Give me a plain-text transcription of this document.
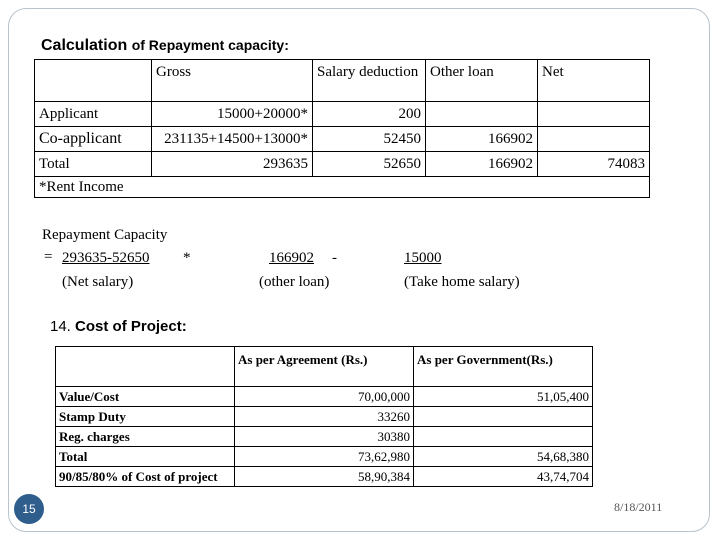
Calculation of Repayment capacity:
	Gross	Salary deduction	Other loan	Net
Applicant	15000+20000*	200		
Co-applicant	231135+14500+13000*	52450	166902	
Total	293635	52650	166902	74083
*Rent Income				
Repayment Capacity
= 293635-52650 *	166902 -	15000
(Net salary)	(other loan)	(Take home salary)
14. Cost of Project:
	As per Agreement (Rs.)	As per Government(Rs.)
Value/Cost	70,00,000	51,05,400
Stamp Duty	33260	
Reg. charges	30380	
Total	73,62,980	54,68,380
90/85/80% of Cost of project	58,90,384	43,74,704
15	8/18/2011
